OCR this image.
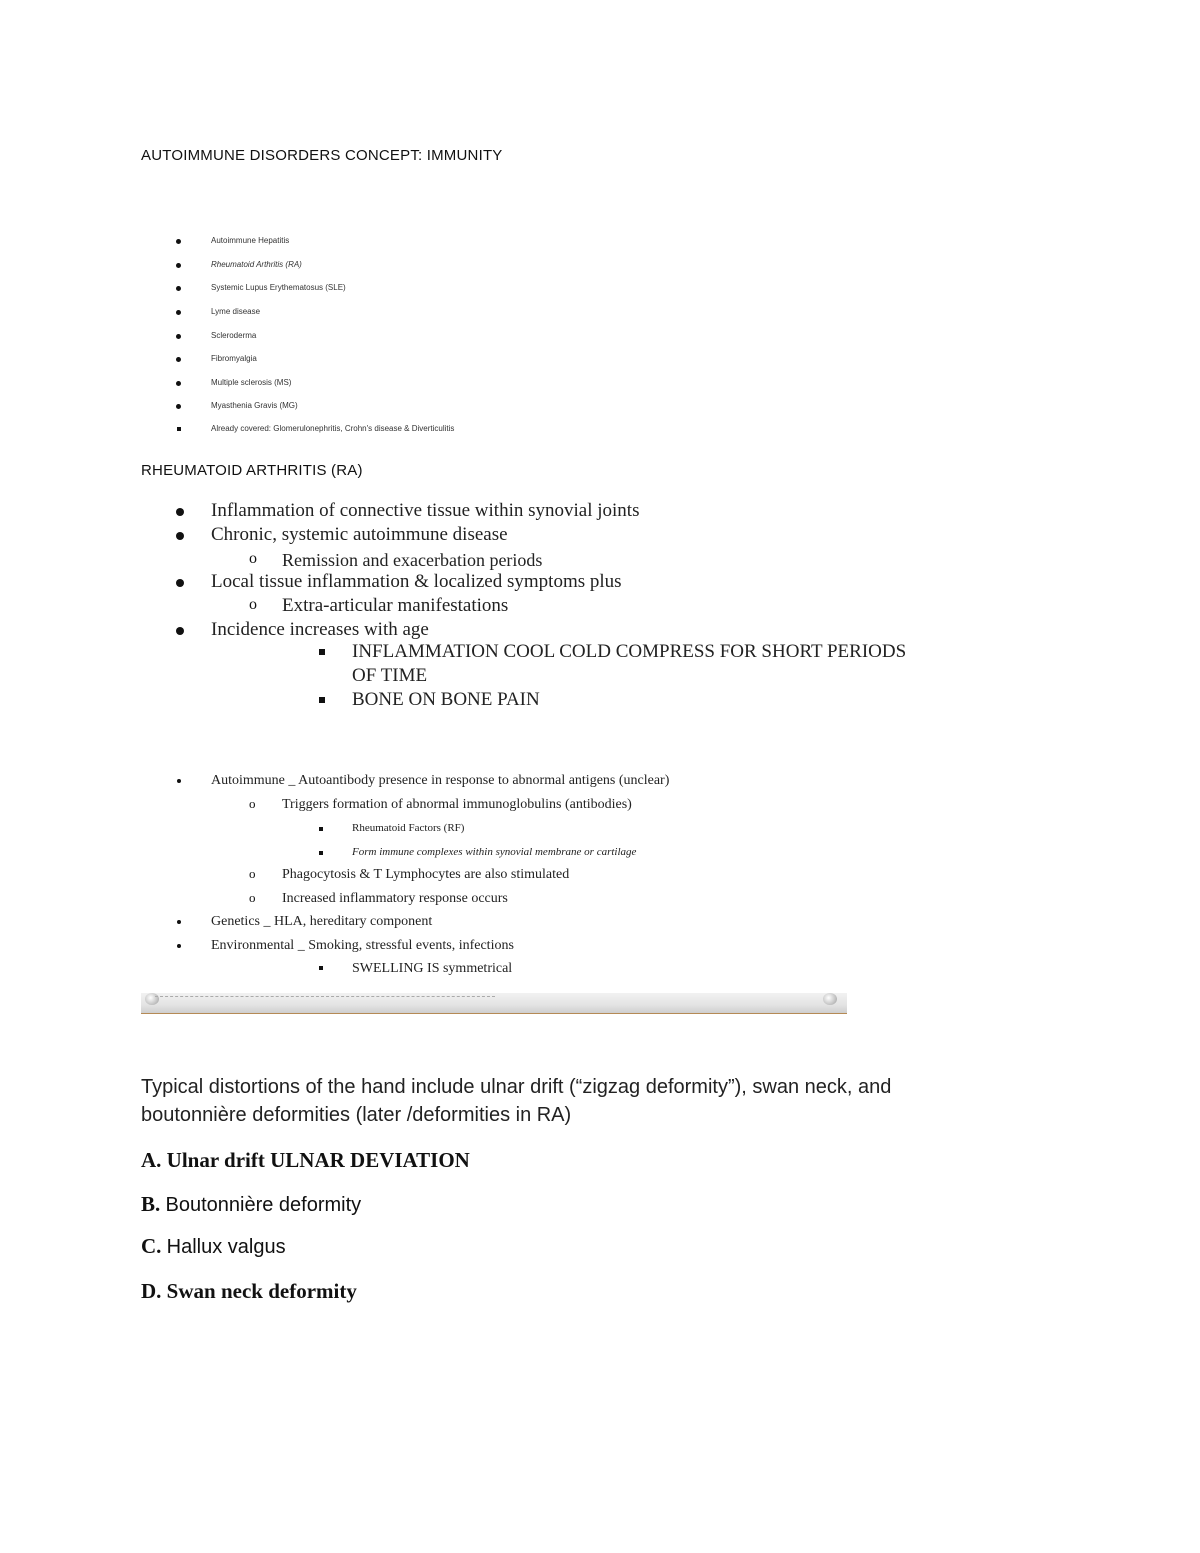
AUTOIMMUNE DISORDERS CONCEPT: IMMUNITY
Autoimmune Hepatitis
Rheumatoid Arthritis (RA)
Systemic Lupus Erythematosus (SLE)
Lyme disease
Scleroderma
Fibromyalgia
Multiple sclerosis (MS)
Myasthenia Gravis (MG)
Already covered: Glomerulonephritis, Crohn's disease & Diverticulitis
RHEUMATOID ARTHRITIS (RA)
Inflammation of connective tissue within synovial joints
Chronic, systemic autoimmune disease
o Remission and exacerbation periods
Local tissue inflammation & localized symptoms plus
o Extra-articular manifestations
Incidence increases with age
INFLAMMATION COOL COLD COMPRESS FOR SHORT PERIODS
OF TIME
BONE ON BONE PAIN
Autoimmune _ Autoantibody presence in response to abnormal antigens (unclear)
o Triggers formation of abnormal immunoglobulins (antibodies)
Rheumatoid Factors (RF)
Form immune complexes within synovial membrane or cartilage
o Phagocytosis & T Lymphocytes are also stimulated
o Increased inflammatory response occurs
Genetics _ HLA, hereditary component
Environmental _ Smoking, stressful events, infections
SWELLING IS symmetrical
Typical distortions of the hand include ulnar drift (“zigzag deformity”), swan neck, and
boutonnière deformities (later /deformities in RA)
A. Ulnar drift ULNAR DEVIATION
B. Boutonnière deformity
C. Hallux valgus
D. Swan neck deformity
